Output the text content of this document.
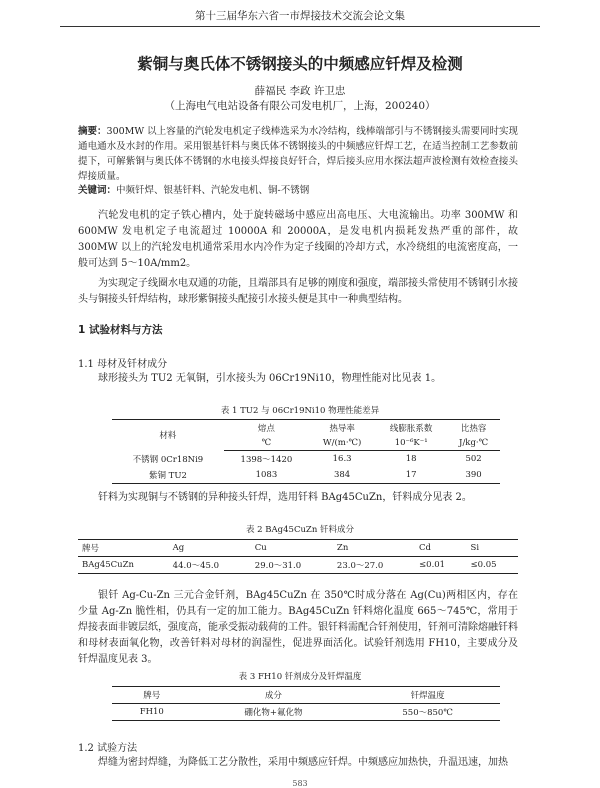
第十三届华东六省一市焊接技术交流会论文集
紫铜与奥氏体不锈钢接头的中频感应钎焊及检测
薛福民 李政 许卫忠
（上海电气电站设备有限公司发电机厂，上海，200240）
摘要：300MW 以上容量的汽轮发电机定子线棒选采为水冷结构，线棒端部引与不锈钢接头需要同时实现通电通水及水封的作用。采用银基钎料与奥氏体不锈钢接头的中频感应钎焊工艺，在适当控制工艺参数前提下，可解紫铜与奥氏体不锈钢的水电接头焊接良好钎合，焊后接头应用水探法超声波检测有效检查接头焊接质量。
关键词：中频钎焊、银基钎料、汽轮发电机、铜-不锈钢
汽轮发电机的定子铁心槽内，处于旋转磁场中感应出高电压、大电流输出。功率 300MW 和 600MW 发电机定子电流超过 10000A 和 20000A，是发电机内损耗发热严重的部件，故 300MW 以上的汽轮发电机通常采用水内冷作为定子线圈的冷却方式，水冷绕组的电流密度高，一般可达到 5～10A/mm2。
为实现定子线圈水电双通的功能，且端部具有足够的刚度和强度，端部接头常使用不锈钢引水接头与铜接头钎焊结构，球形紫铜接头配接引水接头便是其中一种典型结构。
1 试验材料与方法
1.1 母材及钎材成分
球形接头为 TU2 无氧铜，引水接头为 06Cr19Ni10，物理性能对比见表 1。
表 1 TU2 与 06Cr19Ni10 物理性能差异
材料	熔点	热导率	线膨胀系数	比热容
	℃	W/(m·℃)	10⁻⁶K⁻¹	J/kg·℃
不锈钢 0Cr18Ni9	1398～1420	16.3	18	502
紫铜 TU2	1083	384	17	390
钎料为实现铜与不锈钢的异种接头钎焊，选用钎料 BAg45CuZn，钎料成分见表 2。
表 2 BAg45CuZn 钎料成分
牌号	Ag	Cu	Zn	Cd	Si
BAg45CuZn	44.0～45.0	29.0～31.0	23.0～27.0	≤0.01	≤0.05
银钎 Ag-Cu-Zn 三元合金钎剂，BAg45CuZn 在 350℃时成分落在 Ag(Cu)两相区内，存在少量 Ag-Zn 脆性相，仍具有一定的加工能力。BAg45CuZn 钎料熔化温度 665～745℃，常用于焊接表面非镀层纸，强度高，能承受振动载荷的工件。银钎料需配合钎剂使用，钎剂可清除熔融钎料和母材表面氧化物，改善钎料对母材的润湿性，促进界面活化。试验钎剂选用 FH10，主要成分及钎焊温度见表 3。
表 3 FH10 钎剂成分及钎焊温度
牌号	成分	钎焊温度
FH10	硼化物+氟化物	550～850℃
1.2 试验方法
焊缝为密封焊缝，为降低工艺分散性，采用中频感应钎焊。中频感应加热快，升温迅速，加热
583
